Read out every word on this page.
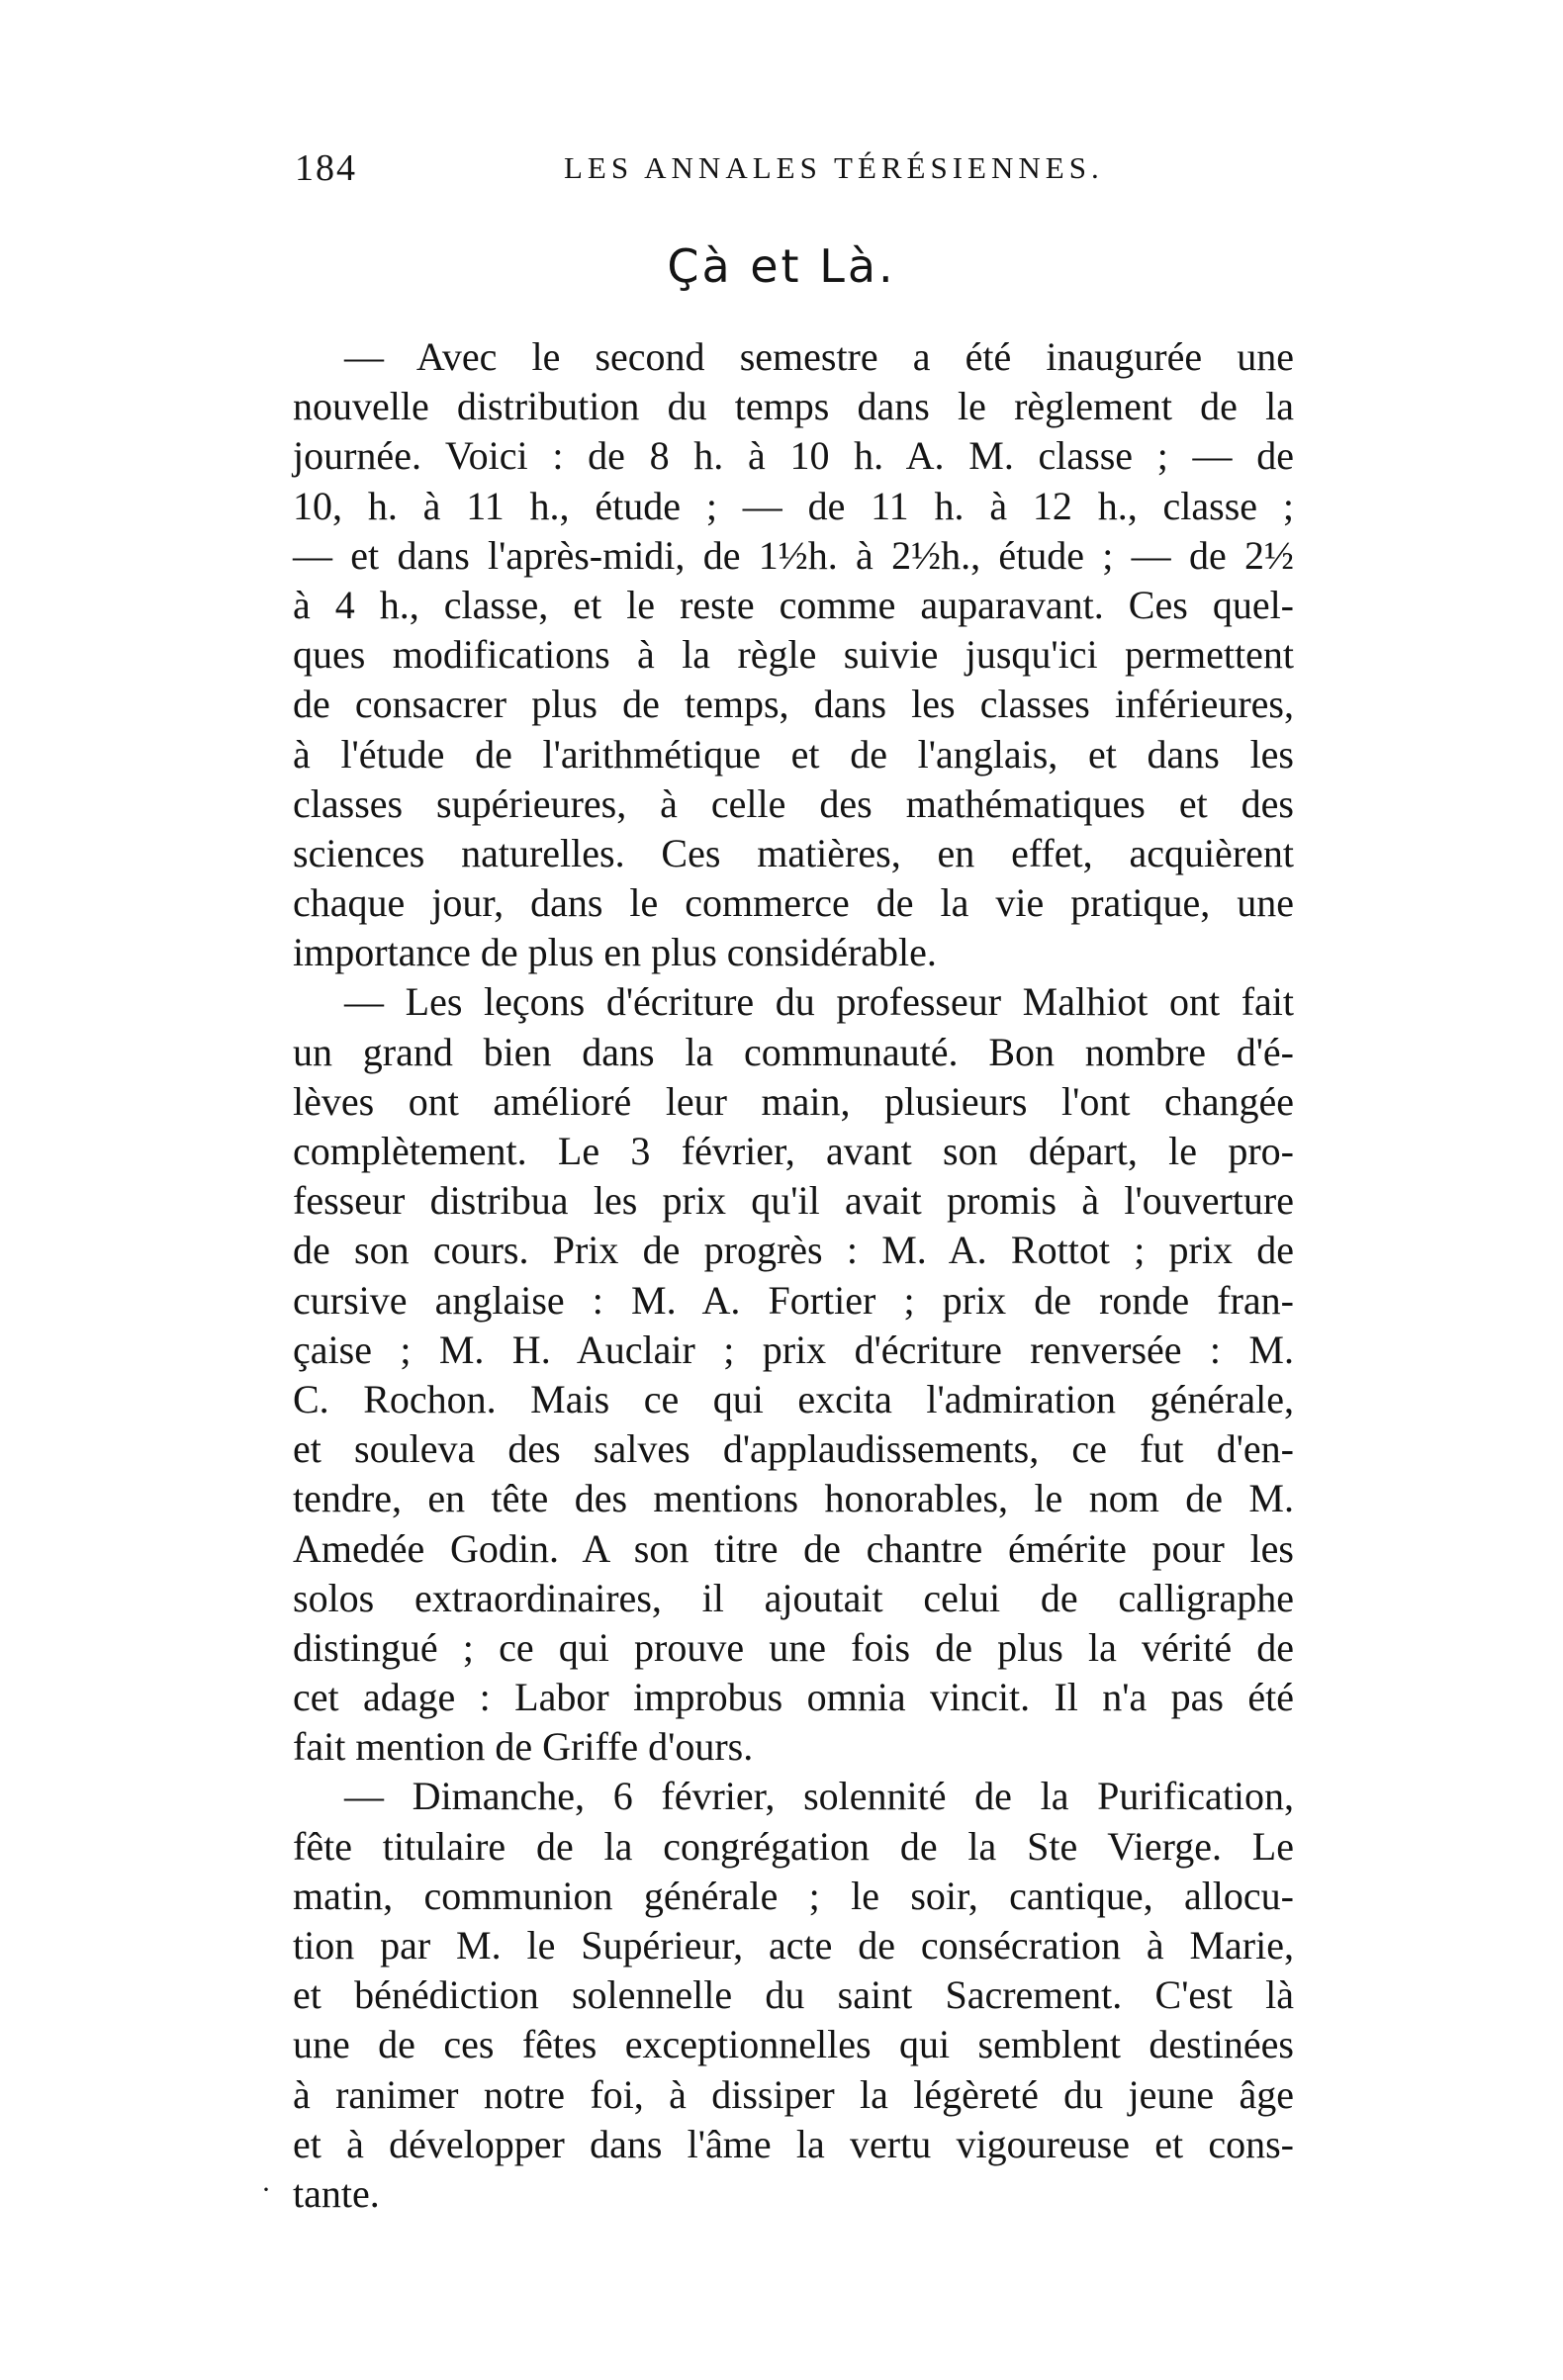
184	LES ANNALES TÉRÉSIENNES.
Çà et Là.
— Avec le second semestre a été inaugurée une
nouvelle distribution du temps dans le règlement de la
journée. Voici : de 8 h. à 10 h. A. M. classe ; — de
10, h. à 11 h., étude ; — de 11 h. à 12 h., classe ;
— et dans l'après-midi, de 1½h. à 2½h., étude ; — de 2½
à 4 h., classe, et le reste comme auparavant. Ces quel-
ques modifications à la règle suivie jusqu'ici permettent
de consacrer plus de temps, dans les classes inférieures,
à l'étude de l'arithmétique et de l'anglais, et dans les
classes supérieures, à celle des mathématiques et des
sciences naturelles. Ces matières, en effet, acquièrent
chaque jour, dans le commerce de la vie pratique, une
importance de plus en plus considérable.
— Les leçons d'écriture du professeur Malhiot ont fait
un grand bien dans la communauté. Bon nombre d'é-
lèves ont amélioré leur main, plusieurs l'ont changée
complètement. Le 3 février, avant son départ, le pro-
fesseur distribua les prix qu'il avait promis à l'ouverture
de son cours. Prix de progrès : M. A. Rottot ; prix de
cursive anglaise : M. A. Fortier ; prix de ronde fran-
çaise ; M. H. Auclair ; prix d'écriture renversée : M.
C. Rochon. Mais ce qui excita l'admiration générale,
et souleva des salves d'applaudissements, ce fut d'en-
tendre, en tête des mentions honorables, le nom de M.
Amedée Godin. A son titre de chantre émérite pour les
solos extraordinaires, il ajoutait celui de calligraphe
distingué ; ce qui prouve une fois de plus la vérité de
cet adage : Labor improbus omnia vincit. Il n'a pas été
fait mention de Griffe d'ours.
— Dimanche, 6 février, solennité de la Purification,
fête titulaire de la congrégation de la Ste Vierge. Le
matin, communion générale ; le soir, cantique, allocu-
tion par M. le Supérieur, acte de consécration à Marie,
et bénédiction solennelle du saint Sacrement. C'est là
une de ces fêtes exceptionnelles qui semblent destinées
à ranimer notre foi, à dissiper la légèreté du jeune âge
et à développer dans l'âme la vertu vigoureuse et cons-
tante.
·
